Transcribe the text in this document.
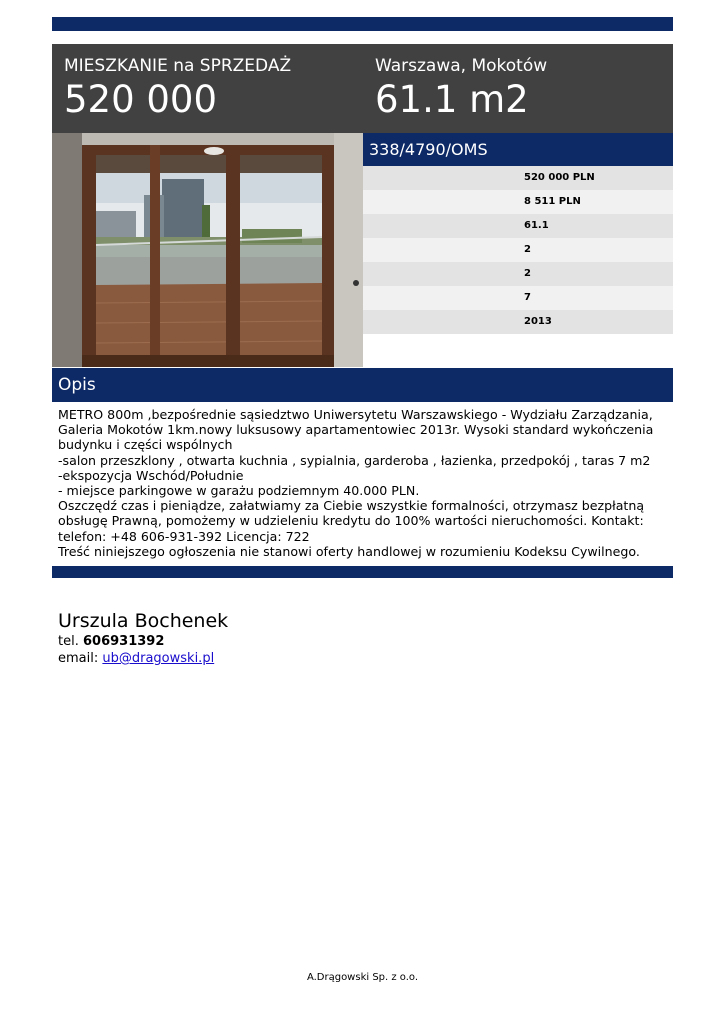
MIESZKANIE na SPRZEDAŻ
520 000
Warszawa, Mokotów
61.1 m2
338/4790/OMS
520 000 PLN
8 511 PLN
61.1
2
2
7
2013
Opis
METRO 800m ,bezpośrednie sąsiedztwo Uniwersytetu Warszawskiego - Wydziału Zarządzania,
Galeria Mokotów 1km.nowy luksusowy apartamentowiec 2013r. Wysoki standard wykończenia
budynku i części wspólnych
-salon przeszklony , otwarta kuchnia , sypialnia, garderoba , łazienka, przedpokój , taras 7 m2
-ekspozycja Wschód/Południe
- miejsce parkingowe w garażu podziemnym 40.000 PLN.
Oszczędź czas i pieniądze, załatwiamy za Ciebie wszystkie formalności, otrzymasz bezpłatną
obsługę Prawną, pomożemy w udzieleniu kredytu do 100% wartości nieruchomości. Kontakt:
telefon: +48 606-931-392 Licencja: 722
Treść niniejszego ogłoszenia nie stanowi oferty handlowej w rozumieniu Kodeksu Cywilnego.
Urszula Bochenek
tel. 606931392
email: ub@dragowski.pl
A.Drągowski Sp. z o.o.
